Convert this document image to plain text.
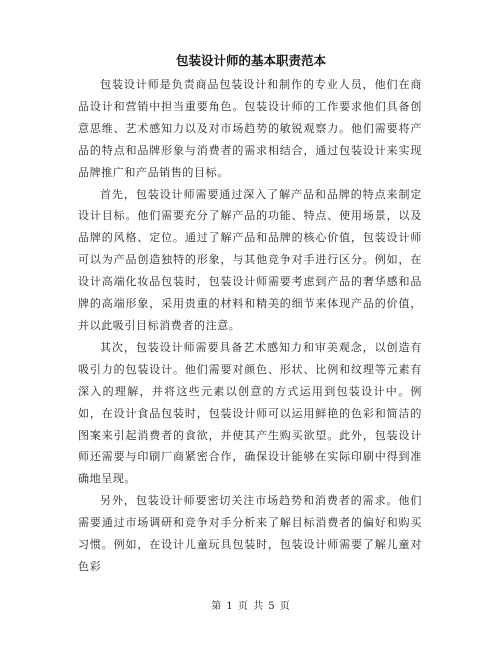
包装设计师的基本职责范本

包装设计师是负责商品包装设计和制作的专业人员，他们在商品设计和营销中担当重要角色。包装设计师的工作要求他们具备创意思维、艺术感知力以及对市场趋势的敏锐观察力。他们需要将产品的特点和品牌形象与消费者的需求相结合，通过包装设计来实现品牌推广和产品销售的目标。

首先，包装设计师需要通过深入了解产品和品牌的特点来制定设计目标。他们需要充分了解产品的功能、特点、使用场景，以及品牌的风格、定位。通过了解产品和品牌的核心价值，包装设计师可以为产品创造独特的形象，与其他竞争对手进行区分。例如，在设计高端化妆品包装时，包装设计师需要考虑到产品的奢华感和品牌的高端形象，采用贵重的材料和精美的细节来体现产品的价值，并以此吸引目标消费者的注意。

其次，包装设计师需要具备艺术感知力和审美观念，以创造有吸引力的包装设计。他们需要对颜色、形状、比例和纹理等元素有深入的理解，并将这些元素以创意的方式运用到包装设计中。例如，在设计食品包装时，包装设计师可以运用鲜艳的色彩和简洁的图案来引起消费者的食欲，并使其产生购买欲望。此外，包装设计师还需要与印刷厂商紧密合作，确保设计能够在实际印刷中得到准确地呈现。

另外，包装设计师要密切关注市场趋势和消费者的需求。他们需要通过市场调研和竞争对手分析来了解目标消费者的偏好和购买习惯。例如，在设计儿童玩具包装时，包装设计师需要了解儿童对色彩

第 1 页 共 5 页
